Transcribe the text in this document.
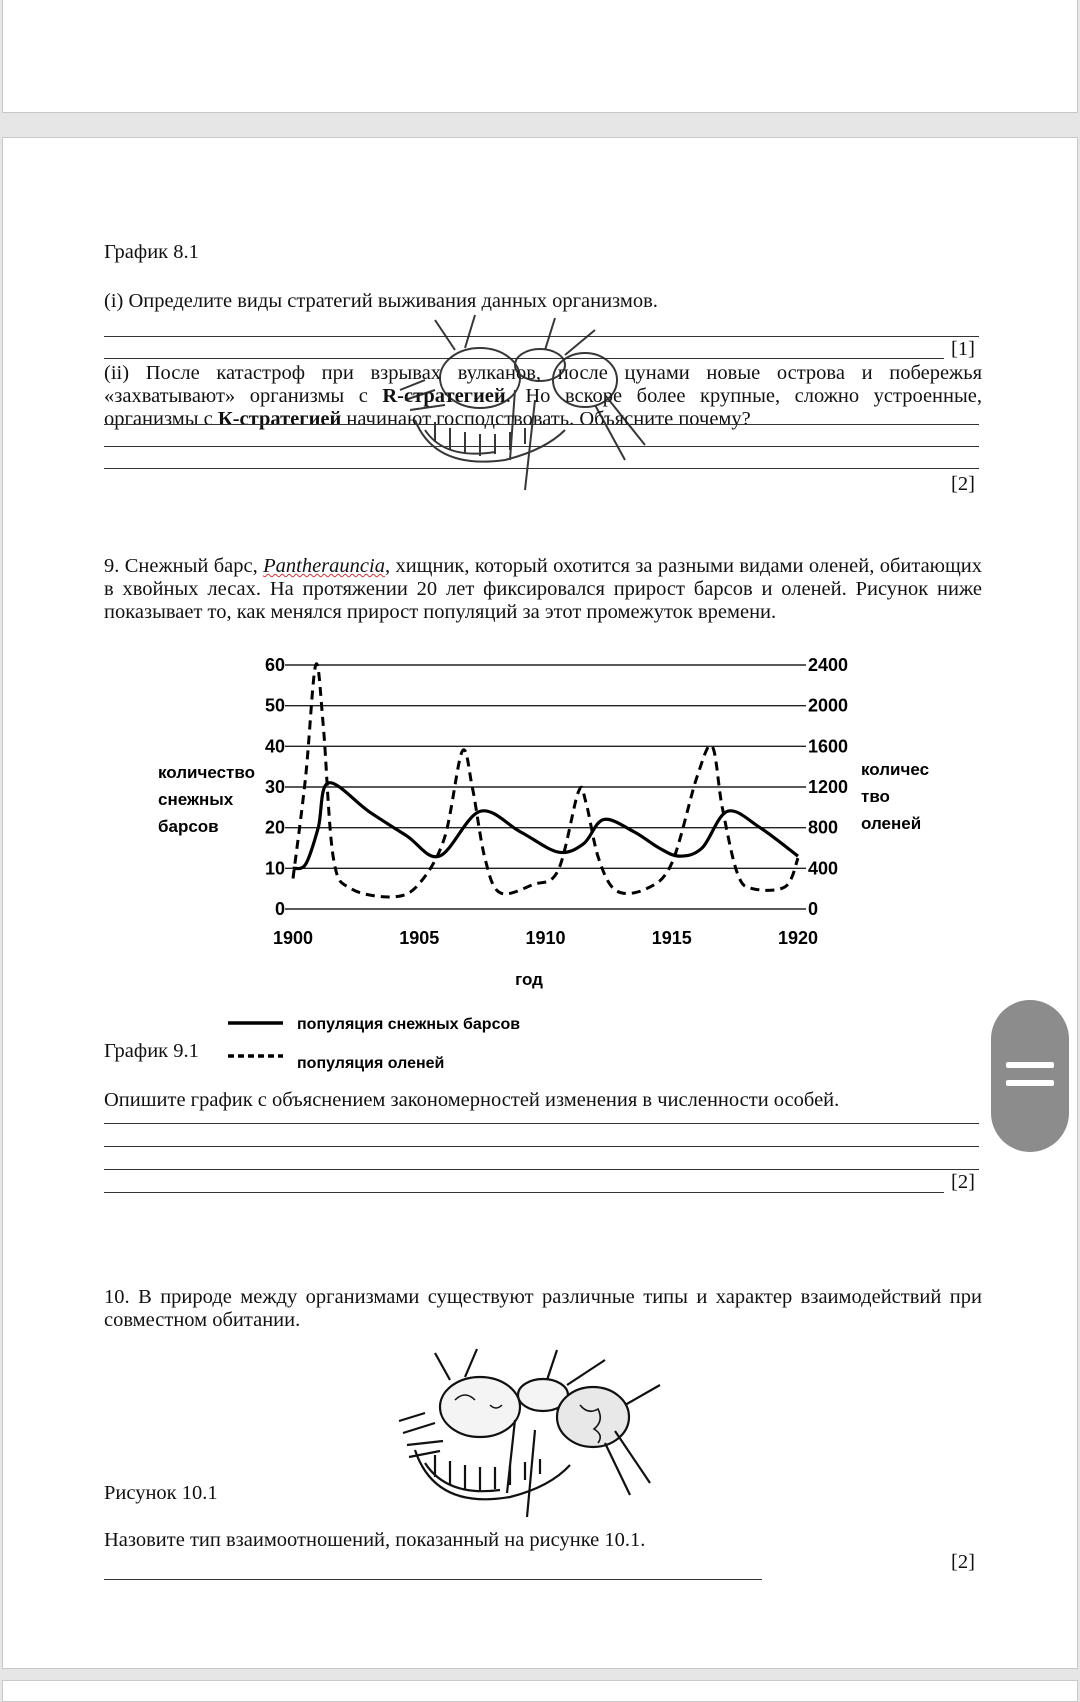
График 8.1
(i) Определите виды стратегий выживания данных организмов.
[1]
(ii) После катастроф при взрывах вулканов, после цунами новые острова и побережья «захватывают» организмы с R-стратегией. Но вскоре более крупные, сложно устроенные, организмы с К-стратегией начинают господствовать. Объясните почему?
[2]
9. Снежный барс, Pantherauncia, хищник, который охотится за разными видами оленей, обитающих в хвойных лесах. На протяжении 20 лет фиксировался прирост барсов и оленей. Рисунок ниже показывает то, как менялся прирост популяций за этот промежуток времени.
0
10
20
30
40
50
60
0
400
800
1200
1600
2000
2400
1900	1905	1910	1915	1920
год
количество снежных барсов
количес тво оленей
популяция снежных барсов
популяция оленей
График 9.1
Опишите график с объяснением закономерностей изменения в численности особей.
[2]
10. В природе между организмами существуют различные типы и характер взаимодействий при совместном обитании.
Рисунок 10.1
Назовите тип взаимоотношений, показанный на рисунке 10.1.
[2]
